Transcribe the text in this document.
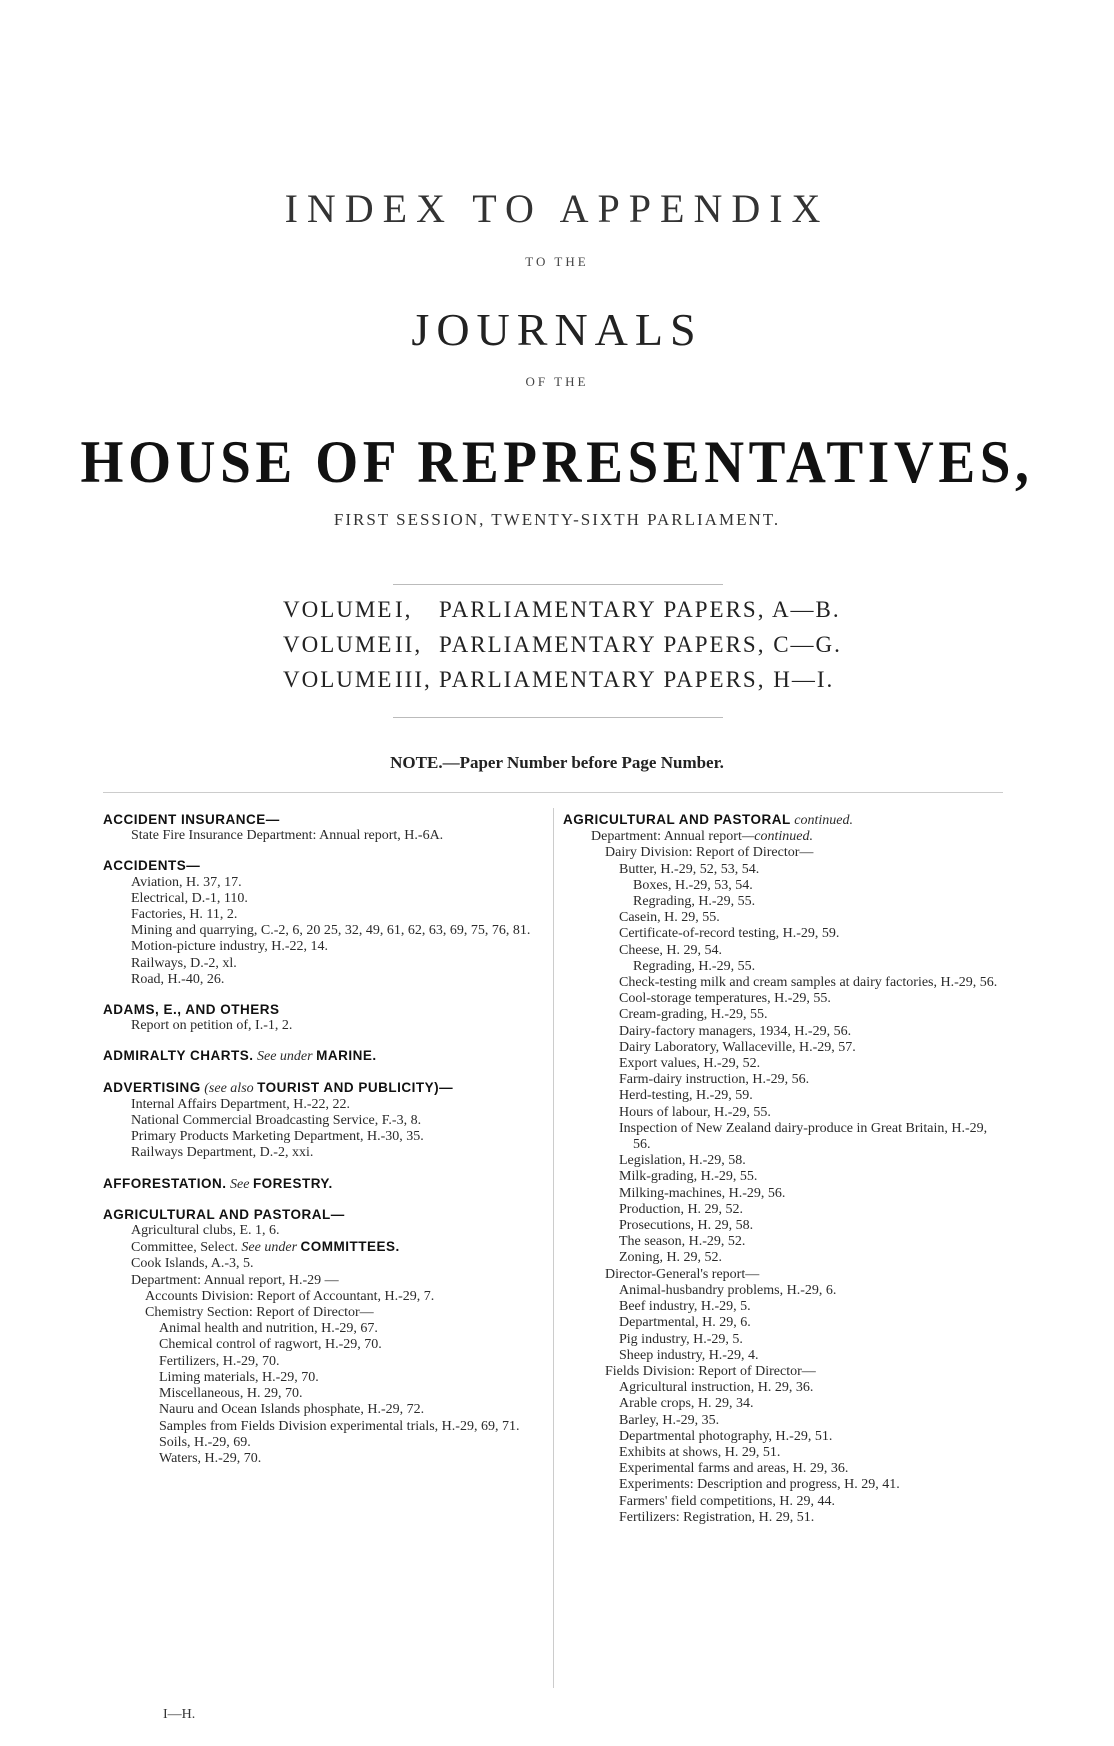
INDEX TO APPENDIX
TO THE
JOURNALS
OF THE
HOUSE OF REPRESENTATIVES,
FIRST SESSION, TWENTY-SIXTH PARLIAMENT.
VOLUMEI, PARLIAMENTARY PAPERS, A—B.
VOLUMEII, PARLIAMENTARY PAPERS, C—G.
VOLUMEIII, PARLIAMENTARY PAPERS, H—I.
NOTE.—Paper Number before Page Number.
ACCIDENT INSURANCE—
State Fire Insurance Department: Annual report, H.-6A.
ACCIDENTS—
Aviation, H. 37, 17.
Electrical, D.-1, 110.
Factories, H. 11, 2.
Mining and quarrying, C.-2, 6, 20 25, 32, 49, 61, 62, 63, 69, 75, 76, 81.
Motion-picture industry, H.-22, 14.
Railways, D.-2, xl.
Road, H.-40, 26.
ADAMS, E., AND OTHERS
Report on petition of, I.-1, 2.
ADMIRALTY CHARTS. See under MARINE.
ADVERTISING (see also TOURIST AND PUBLICITY)—
Internal Affairs Department, H.-22, 22.
National Commercial Broadcasting Service, F.-3, 8.
Primary Products Marketing Department, H.-30, 35.
Railways Department, D.-2, xxi.
AFFORESTATION. See FORESTRY.
AGRICULTURAL AND PASTORAL—
Agricultural clubs, E. 1, 6.
Committee, Select. See under COMMITTEES.
Cook Islands, A.-3, 5.
Department: Annual report, H.-29 —
Accounts Division: Report of Accountant, H.-29, 7.
Chemistry Section: Report of Director—
Animal health and nutrition, H.-29, 67.
Chemical control of ragwort, H.-29, 70.
Fertilizers, H.-29, 70.
Liming materials, H.-29, 70.
Miscellaneous, H. 29, 70.
Nauru and Ocean Islands phosphate, H.-29, 72.
Samples from Fields Division experimental trials, H.-29, 69, 71.
Soils, H.-29, 69.
Waters, H.-29, 70.
AGRICULTURAL AND PASTORAL continued.
Department: Annual report—continued.
Dairy Division: Report of Director—
Butter, H.-29, 52, 53, 54.
Boxes, H.-29, 53, 54.
Regrading, H.-29, 55.
Casein, H. 29, 55.
Certificate-of-record testing, H.-29, 59.
Cheese, H. 29, 54.
Regrading, H.-29, 55.
Check-testing milk and cream samples at dairy factories, H.-29, 56.
Cool-storage temperatures, H.-29, 55.
Cream-grading, H.-29, 55.
Dairy-factory managers, 1934, H.-29, 56.
Dairy Laboratory, Wallaceville, H.-29, 57.
Export values, H.-29, 52.
Farm-dairy instruction, H.-29, 56.
Herd-testing, H.-29, 59.
Hours of labour, H.-29, 55.
Inspection of New Zealand dairy-produce in Great Britain, H.-29, 56.
Legislation, H.-29, 58.
Milk-grading, H.-29, 55.
Milking-machines, H.-29, 56.
Production, H. 29, 52.
Prosecutions, H. 29, 58.
The season, H.-29, 52.
Zoning, H. 29, 52.
Director-General's report—
Animal-husbandry problems, H.-29, 6.
Beef industry, H.-29, 5.
Departmental, H. 29, 6.
Pig industry, H.-29, 5.
Sheep industry, H.-29, 4.
Fields Division: Report of Director—
Agricultural instruction, H. 29, 36.
Arable crops, H. 29, 34.
Barley, H.-29, 35.
Departmental photography, H.-29, 51.
Exhibits at shows, H. 29, 51.
Experimental farms and areas, H. 29, 36.
Experiments: Description and progress, H. 29, 41.
Farmers' field competitions, H. 29, 44.
Fertilizers: Registration, H. 29, 51.
I—H.
